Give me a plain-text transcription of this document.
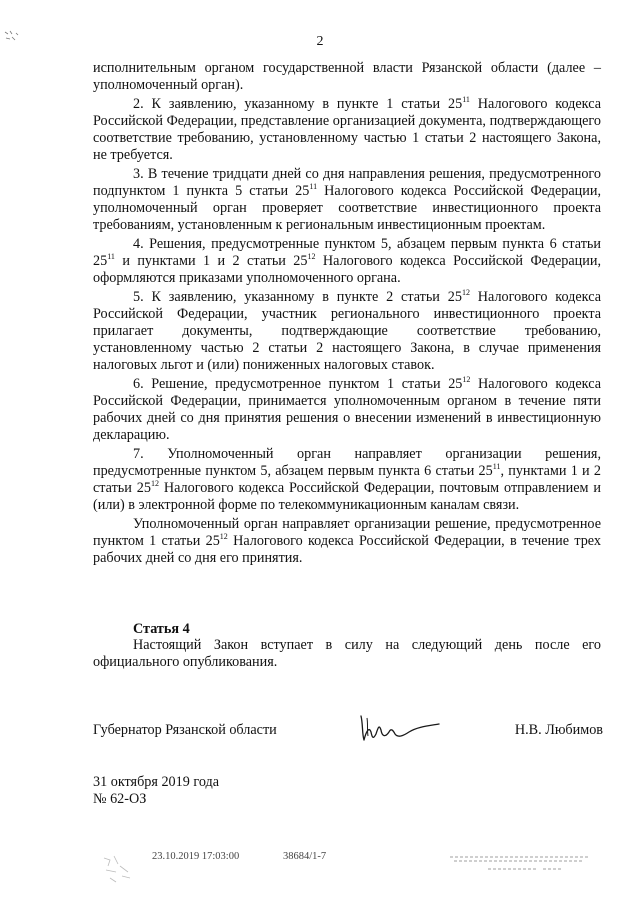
2

исполнительным органом государственной власти Рязанской области (далее – уполномоченный орган).

2. К заявлению, указанному в пункте 1 статьи $25^{11}$ Налогового кодекса Российской Федерации, представление организацией документа, подтверждающего соответствие требованию, установленному частью 1 статьи 2 настоящего Закона, не требуется.

3. В течение тридцати дней со дня направления решения, предусмотренного подпунктом 1 пункта 5 статьи $25^{11}$ Налогового кодекса Российской Федерации, уполномоченный орган проверяет соответствие инвестиционного проекта требованиям, установленным к региональным инвестиционным проектам.

4. Решения, предусмотренные пунктом 5, абзацем первым пункта 6 статьи $25^{11}$ и пунктами 1 и 2 статьи $25^{12}$ Налогового кодекса Российской Федерации, оформляются приказами уполномоченного органа.

5. К заявлению, указанному в пункте 2 статьи $25^{12}$ Налогового кодекса Российской Федерации, участник регионального инвестиционного проекта прилагает документы, подтверждающие соответствие требованию, установленному частью 2 статьи 2 настоящего Закона, в случае применения налоговых льгот и (или) пониженных налоговых ставок.

6. Решение, предусмотренное пунктом 1 статьи $25^{12}$ Налогового кодекса Российской Федерации, принимается уполномоченным органом в течение пяти рабочих дней со дня принятия решения о внесении изменений в инвестиционную декларацию.

7. Уполномоченный орган направляет организации решения, предусмотренные пунктом 5, абзацем первым пункта 6 статьи $25^{11}$, пунктами 1 и 2 статьи $25^{12}$ Налогового кодекса Российской Федерации, почтовым отправлением и (или) в электронной форме по телекоммуникационным каналам связи.

Уполномоченный орган направляет организации решение, предусмотренное пунктом 1 статьи $25^{12}$ Налогового кодекса Российской Федерации, в течение трех рабочих дней со дня его принятия.

Статья 4

Настоящий Закон вступает в силу на следующий день после его официального опубликования.

Губернатор Рязанской области	Н.В. Любимов
31 октября 2019 года
№ 62-ОЗ
23.10.2019 17:03:00	38684/1-7
